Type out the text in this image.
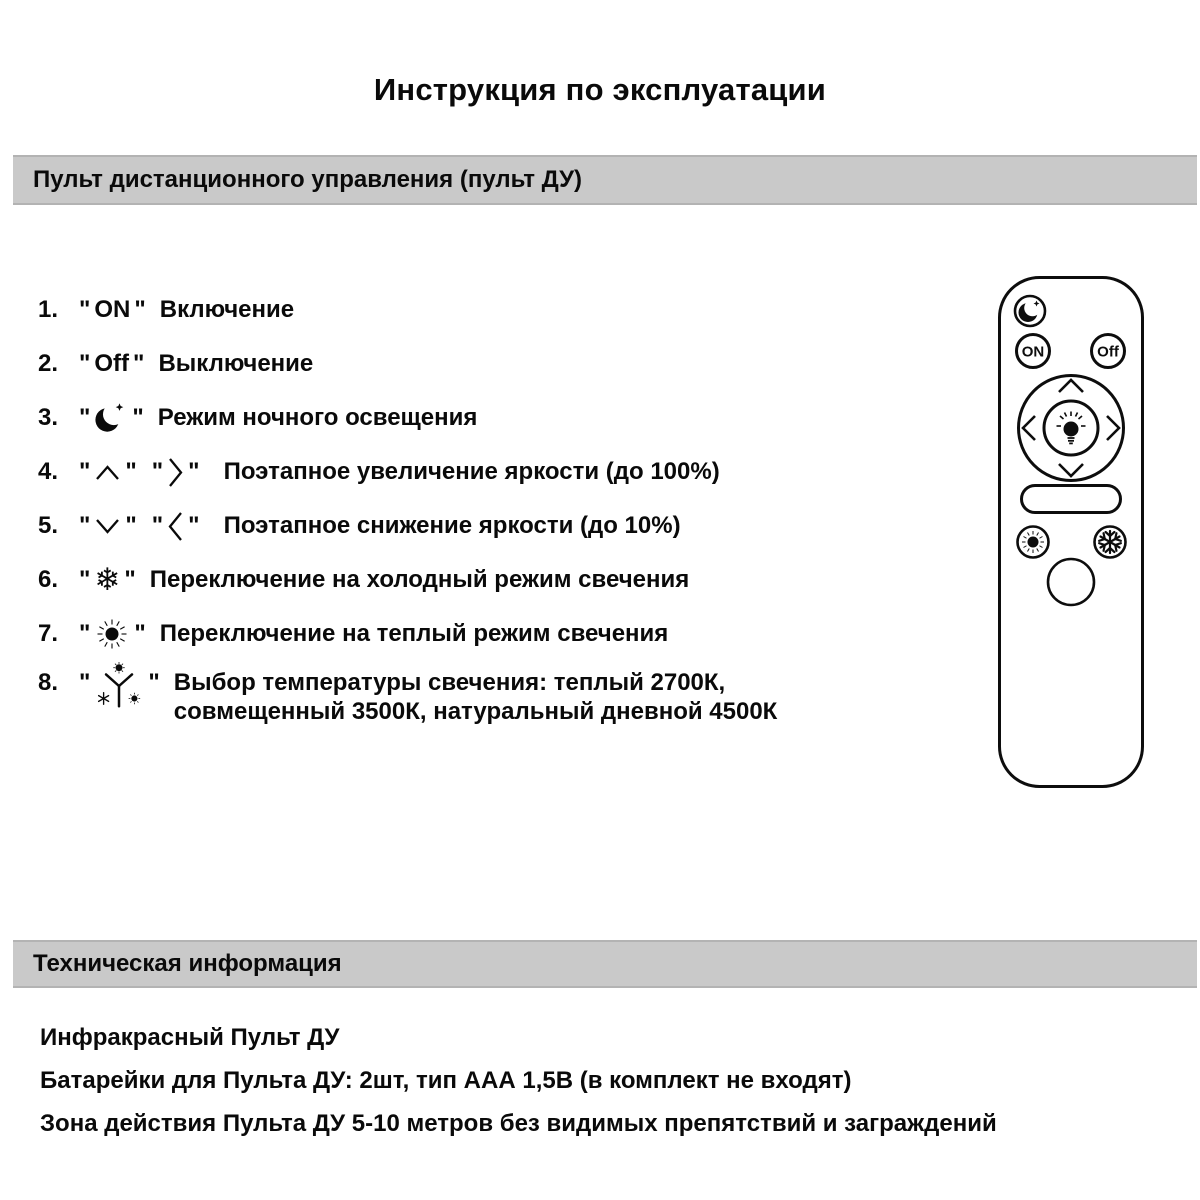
Инструкция по эксплуатации
Пульт дистанционного управления (пульт ДУ)
1. " ON " Включение
2. " Off " Выключение
3. " " Режим ночного освещения
4. " " " " Поэтапное увеличение яркости (до 100%)
5. " " " " Поэтапное снижение яркости (до 10%)
6. " ❄ " Переключение на холодный режим свечения
7. " " Переключение на теплый режим свечения
8. " " Выбор температуры свечения: теплый 2700К,
совмещенный 3500К, натуральный дневной 4500К
ON	Off
Техническая информация
Инфракрасный Пульт ДУ
Батарейки для Пульта ДУ: 2шт, тип ААА 1,5В (в комплект не входят)
Зона действия Пульта ДУ 5-10 метров без видимых препятствий и заграждений
